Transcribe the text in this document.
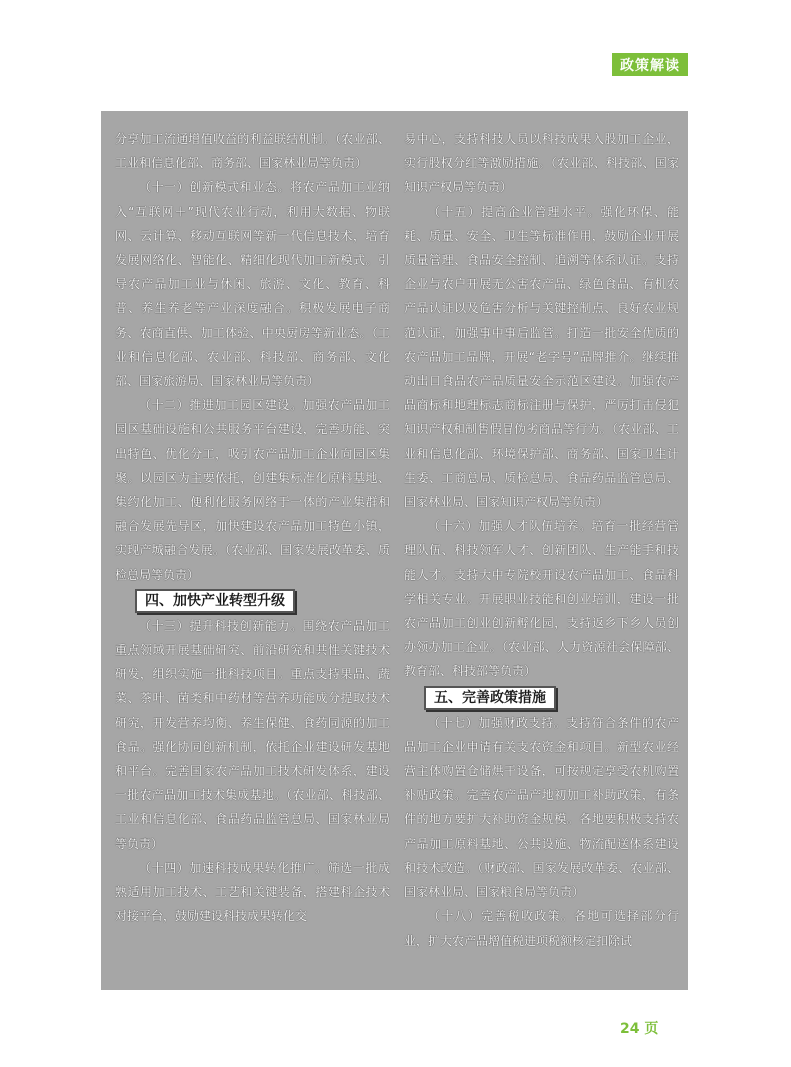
政策解读

分享加工流通增值收益的利益联结机制。（农业部、工业和信息化部、商务部、国家林业局等负责）

（十一）创新模式和业态。将农产品加工业纳入“互联网＋”现代农业行动，利用大数据、物联网、云计算、移动互联网等新一代信息技术，培育发展网络化、智能化、精细化现代加工新模式。引导农产品加工业与休闲、旅游、文化、教育、科普、养生养老等产业深度融合。积极发展电子商务、农商直供、加工体验、中央厨房等新业态。（工业和信息化部、农业部、科技部、商务部、文化部、国家旅游局、国家林业局等负责）

（十二）推进加工园区建设。加强农产品加工园区基础设施和公共服务平台建设，完善功能、突出特色、优化分工，吸引农产品加工企业向园区集聚。以园区为主要依托，创建集标准化原料基地、集约化加工、便利化服务网络于一体的产业集群和融合发展先导区，加快建设农产品加工特色小镇，实现产城融合发展。（农业部、国家发展改革委、质检总局等负责）

四、加快产业转型升级

（十三）提升科技创新能力。围绕农产品加工重点领域开展基础研究、前沿研究和共性关键技术研发，组织实施一批科技项目。重点支持果品、蔬菜、茶叶、菌类和中药材等营养功能成分提取技术研究，开发营养均衡、养生保健、食药同源的加工食品。强化协同创新机制，依托企业建设研发基地和平台。完善国家农产品加工技术研发体系，建设一批农产品加工技术集成基地。（农业部、科技部、工业和信息化部、食品药品监管总局、国家林业局等负责）

（十四）加速科技成果转化推广。筛选一批成熟适用加工技术、工艺和关键装备，搭建科企技术对接平台，鼓励建设科技成果转化交

易中心，支持科技人员以科技成果入股加工企业，实行股权分红等激励措施。（农业部、科技部、国家知识产权局等负责）

（十五）提高企业管理水平。强化环保、能耗、质量、安全、卫生等标准作用，鼓励企业开展质量管理、食品安全控制、追溯等体系认证。支持企业与农户开展无公害农产品、绿色食品、有机农产品认证以及危害分析与关键控制点、良好农业规范认证，加强事中事后监管。打造一批安全优质的农产品加工品牌，开展“老字号”品牌推介。继续推动出口食品农产品质量安全示范区建设。加强农产品商标和地理标志商标注册与保护，严厉打击侵犯知识产权和制售假冒伪劣商品等行为。（农业部、工业和信息化部、环境保护部、商务部、国家卫生计生委、工商总局、质检总局、食品药品监管总局、国家林业局、国家知识产权局等负责）

（十六）加强人才队伍培养。培育一批经营管理队伍、科技领军人才、创新团队、生产能手和技能人才。支持大中专院校开设农产品加工、食品科学相关专业。开展职业技能和创业培训，建设一批农产品加工创业创新孵化园，支持返乡下乡人员创办领办加工企业。（农业部、人力资源社会保障部、教育部、科技部等负责）

五、完善政策措施

（十七）加强财政支持。支持符合条件的农产品加工企业申请有关支农资金和项目。新型农业经营主体购置仓储烘干设备，可按规定享受农机购置补贴政策。完善农产品产地初加工补助政策，有条件的地方要扩大补助资金规模。各地要积极支持农产品加工原料基地、公共设施、物流配送体系建设和技术改造。（财政部、国家发展改革委、农业部、国家林业局、国家粮食局等负责）

（十八）完善税收政策。各地可选择部分行业，扩大农产品增值税进项税额核定扣除试

24 页
